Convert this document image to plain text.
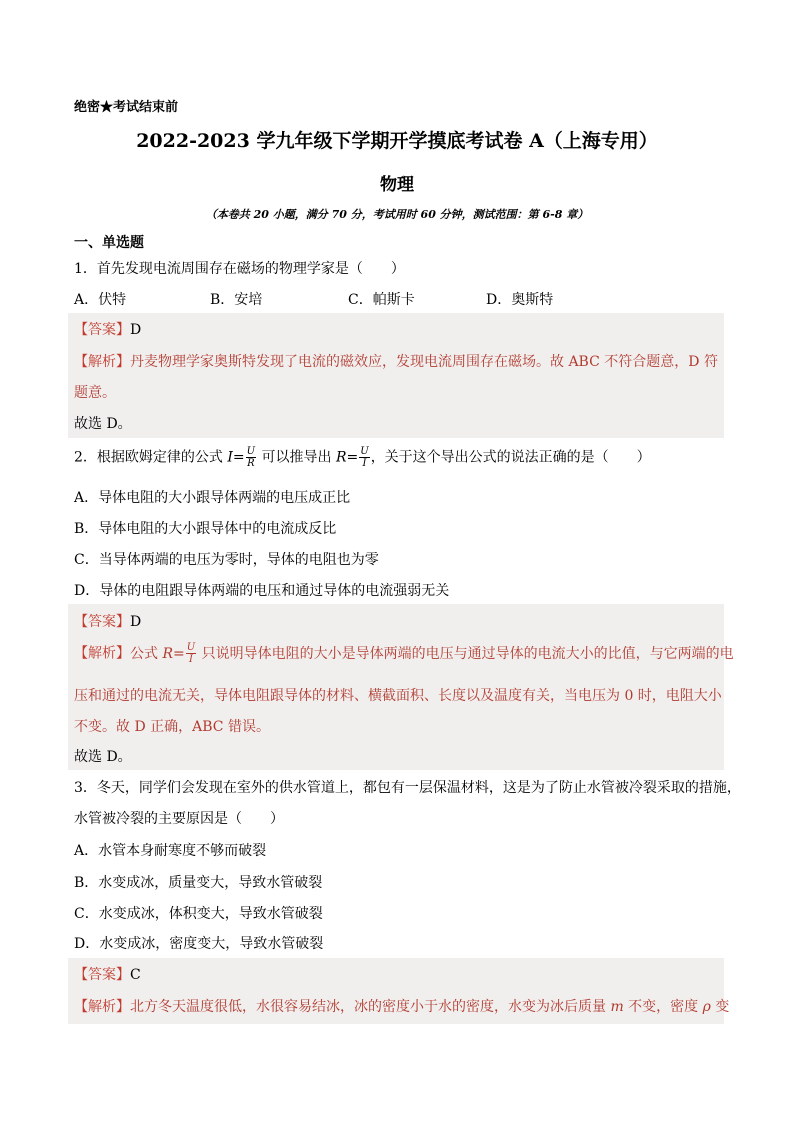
绝密★考试结束前
2022-2023 学九年级下学期开学摸底考试卷 A（上海专用）
物理
（本卷共 20 小题，满分 70 分，考试用时 60 分钟，测试范围：第 6-8 章）
一、单选题
1．首先发现电流周围存在磁场的物理学家是（　　）
A．伏特	B．安培	C．帕斯卡	D．奥斯特
【答案】D
【解析】丹麦物理学家奥斯特发现了电流的磁效应，发现电流周围存在磁场。故 ABC 不符合题意，D 符
题意。
故选 D。
2．根据欧姆定律的公式 $I= \frac{U}{R}$ 可以推导出 $R= \frac{U}{I}$ ，关于这个导出公式的说法正确的是（　　）
A．导体电阻的大小跟导体两端的电压成正比
B．导体电阻的大小跟导体中的电流成反比
C．当导体两端的电压为零时，导体的电阻也为零
D．导体的电阻跟导体两端的电压和通过导体的电流强弱无关
【答案】D
【解析】公式 $R= \frac{U}{I}$ 只说明导体电阻的大小是导体两端的电压与通过导体的电流大小的比值，与它两端的电
压和通过的电流无关，导体电阻跟导体的材料、横截面积、长度以及温度有关，当电压为 0 时，电阻大小
不变。故 D 正确，ABC 错误。
故选 D。
3．冬天，同学们会发现在室外的供水管道上，都包有一层保温材料，这是为了防止水管被冷裂采取的措施，
水管被冷裂的主要原因是（　　）
A．水管本身耐寒度不够而破裂
B．水变成冰，质量变大，导致水管破裂
C．水变成冰，体积变大，导致水管破裂
D．水变成冰，密度变大，导致水管破裂
【答案】C
【解析】北方冬天温度很低，水很容易结冰，冰的密度小于水的密度，水变为冰后质量 m 不变，密度 ρ 变
